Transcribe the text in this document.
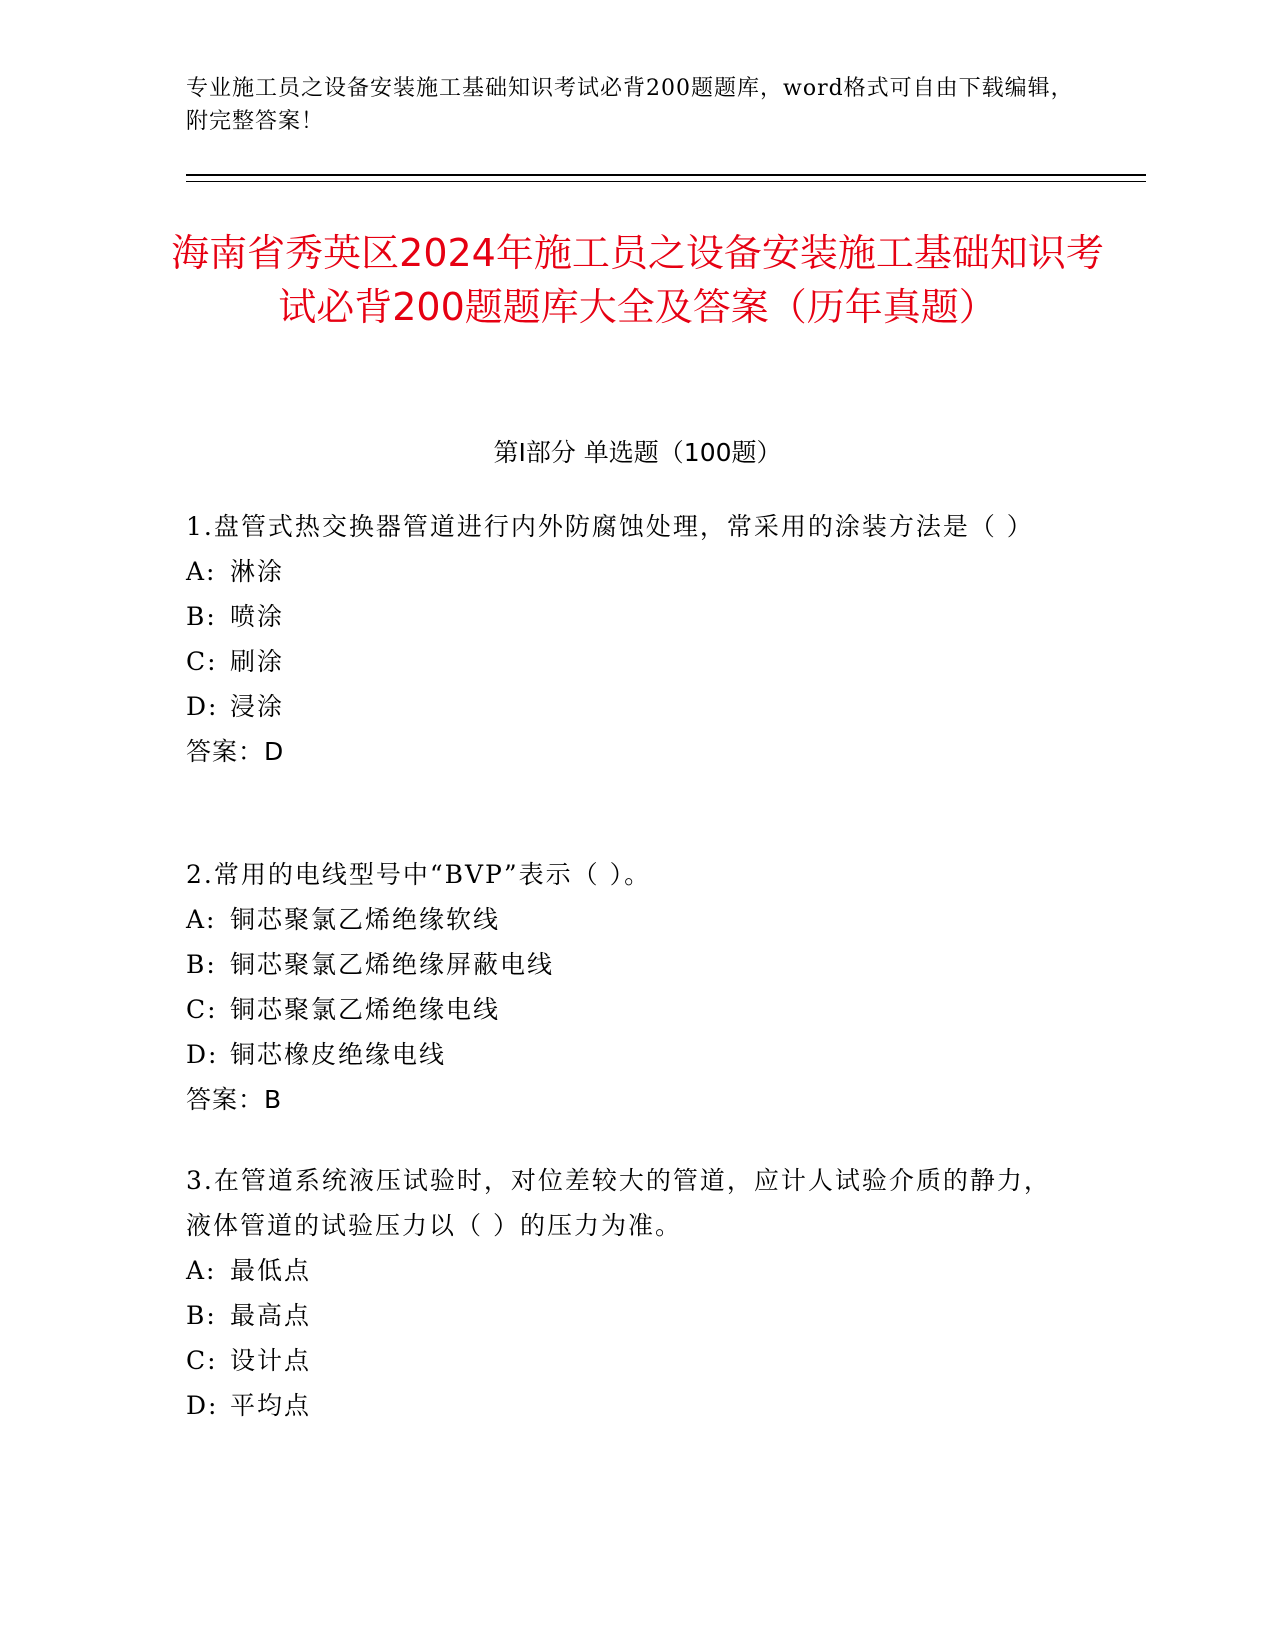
专业施工员之设备安装施工基础知识考试必背200题题库，word格式可自由下载编辑，附完整答案！
海南省秀英区2024年施工员之设备安装施工基础知识考试必背200题题库大全及答案（历年真题）
第Ⅰ部分 单选题（100题）

1.盘管式热交换器管道进行内外防腐蚀处理，常采用的涂装方法是（ ）

A: 淋涂

B: 喷涂

C: 刷涂

D: 浸涂

答案：D

2.常用的电线型号中“BVP”表示（ ）。

A: 铜芯聚氯乙烯绝缘软线

B: 铜芯聚氯乙烯绝缘屏蔽电线

C: 铜芯聚氯乙烯绝缘电线

D: 铜芯橡皮绝缘电线

答案：B

3.在管道系统液压试验时，对位差较大的管道，应计人试验介质的静力，液体管道的试验压力以（ ）的压力为准。

A: 最低点

B: 最高点

C: 设计点

D: 平均点
